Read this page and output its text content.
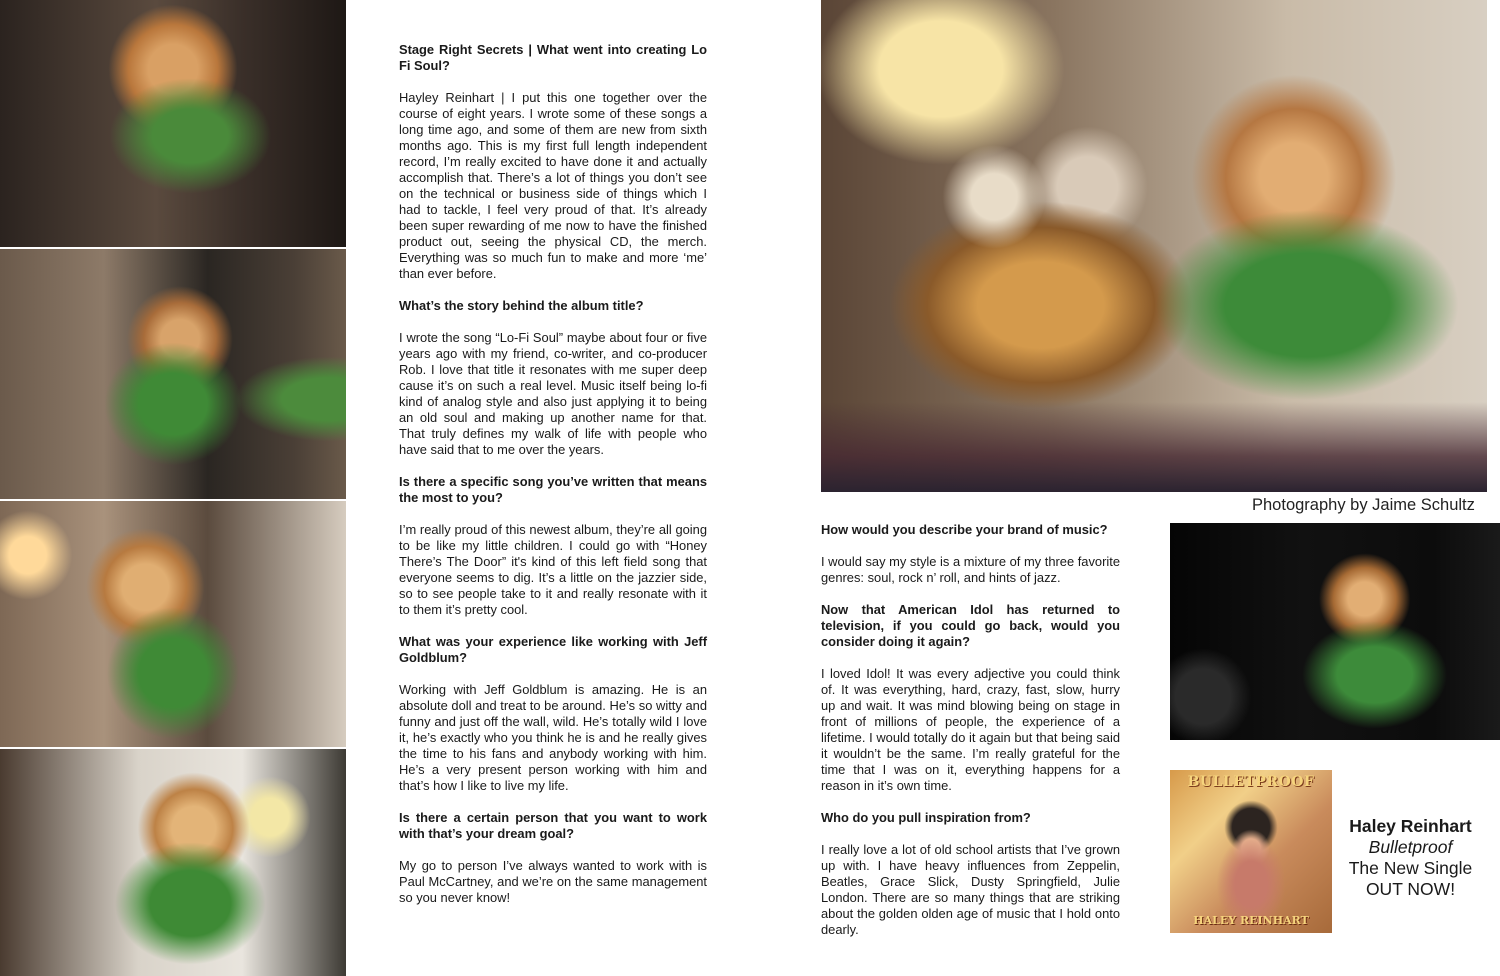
Stage Right Secrets | What went into creating Lo Fi Soul?

Hayley Reinhart | I put this one together over the course of eight years. I wrote some of these songs a long time ago, and some of them are new from sixth months ago. This is my first full length independent record, I’m really excited to have done it and actually accomplish that. There’s a lot of things you don’t see on the technical or business side of things which I had to tackle, I feel very proud of that. It’s already been super rewarding of me now to have the finished product out, seeing the physical CD, the merch. Everything was so much fun to make and more ‘me’ than ever before.

What’s the story behind the album title?

I wrote the song “Lo-Fi Soul” maybe about four or five years ago with my friend, co-writer, and co-producer Rob. I love that title it resonates with me super deep cause it’s on such a real level. Music itself being lo-fi kind of analog style and also just applying it to being an old soul and making up another name for that. That truly defines my walk of life with people who have said that to me over the years.

Is there a specific song you’ve written that means the most to you?

I’m really proud of this newest album, they’re all going to be like my little children. I could go with “Honey There’s The Door” it's kind of this left field song that everyone seems to dig. It’s a little on the jazzier side, so to see people take to it and really resonate with it to them it’s pretty cool.

What was your experience like working with Jeff Goldblum?

Working with Jeff Goldblum is amazing. He is an absolute doll and treat to be around. He’s so witty and funny and just off the wall, wild. He’s totally wild I love it, he’s exactly who you think he is and he really gives the time to his fans and anybody working with him. He’s a very present person working with him and that’s how I like to live my life.

Is there a certain person that you want to work with that’s your dream goal?

My go to person I’ve always wanted to work with is Paul McCartney, and we’re on the same management so you never know!

Photography by Jaime Schultz
How would you describe your brand of music?

I would say my style is a mixture of my three favorite genres: soul, rock n’ roll, and hints of jazz.

Now that American Idol has returned to television, if you could go back, would you consider doing it again?

I loved Idol! It was every adjective you could think of. It was everything, hard, crazy, fast, slow, hurry up and wait. It was mind blowing being on stage in front of millions of people, the experience of a lifetime. I would totally do it again but that being said it wouldn’t be the same. I’m really grateful for the time that I was on it, everything happens for a reason in it’s own time.

Who do you pull inspiration from?

I really love a lot of old school artists that I’ve grown up with. I have heavy influences from Zeppelin, Beatles, Grace Slick, Dusty Springfield, Julie London. There are so many things that are striking about the golden olden age of music that I hold onto dearly.

BULLETPROOF
HALEY REINHART
Haley Reinhart
Bulletproof
The New Single
OUT NOW!
